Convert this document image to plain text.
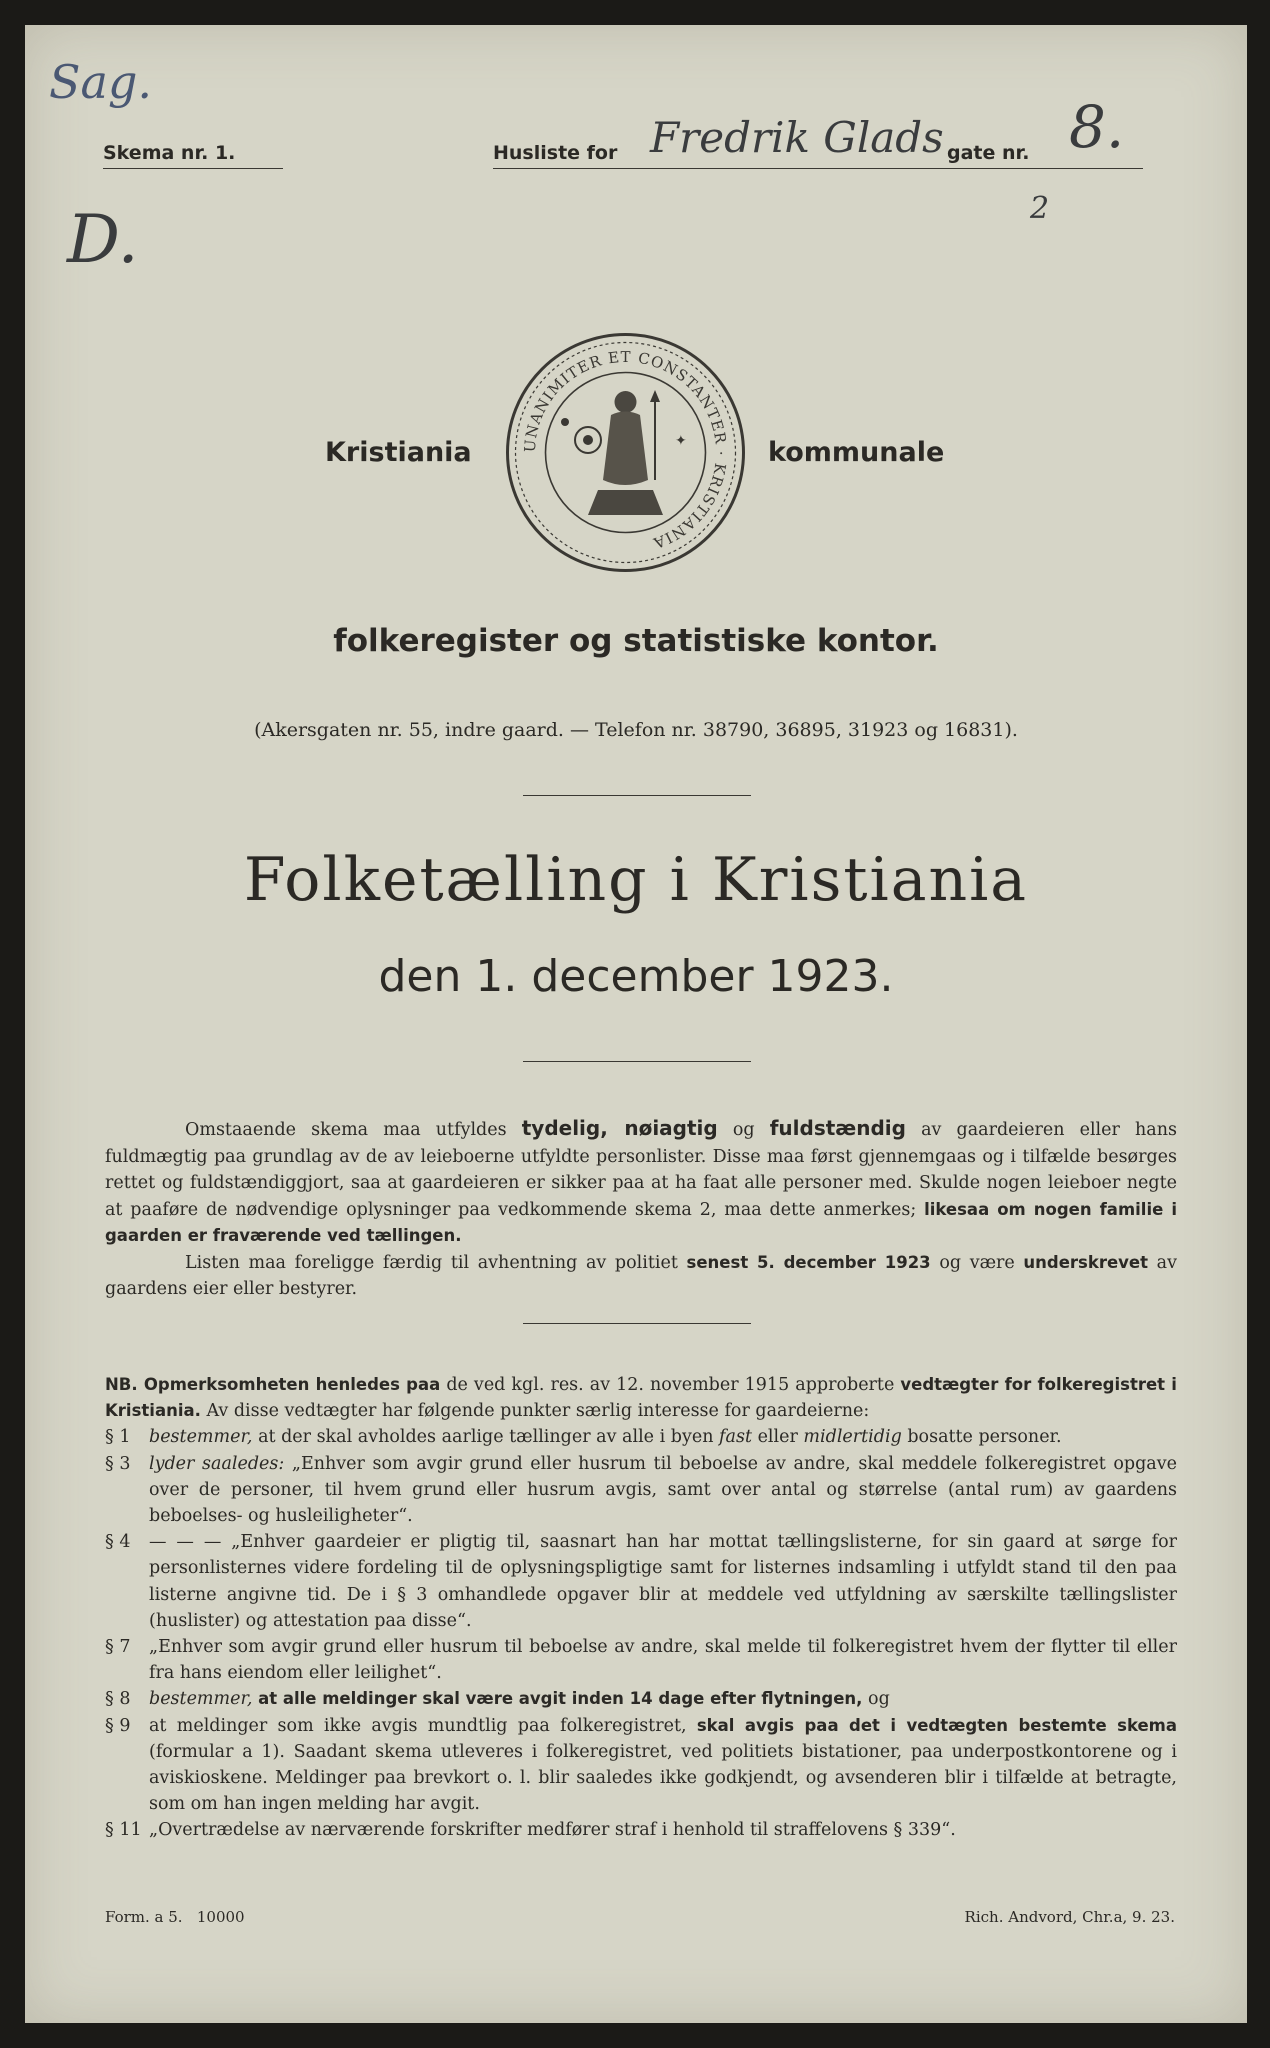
Sag.
D.
Fredrik Glads 8.
2
Skema nr. 1.	Husliste for	gate nr.
Kristiania	kommunale
UNANIMITER ET CONSTANTER · KRISTIANIA
✦
folkeregister og statistiske kontor.
(Akersgaten nr. 55, indre gaard. — Telefon nr. 38790, 36895, 31923 og 16831).
Folketælling i Kristiania
den 1. december 1923.

Omstaaende skema maa utfyldes tydelig, nøiagtig og fuldstændig av gaardeieren eller hans fuldmægtig paa grundlag av de av leieboerne utfyldte personlister. Disse maa først gjennemgaas og i tilfælde besørges rettet og fuldstændiggjort, saa at gaardeieren er sikker paa at ha faat alle personer med. Skulde nogen leieboer negte at paaføre de nødvendige oplysninger paa vedkommende skema 2, maa dette anmerkes; likesaa om nogen familie i gaarden er fraværende ved tællingen.

Listen maa foreligge færdig til avhentning av politiet senest 5. december 1923 og være underskrevet av gaardens eier eller bestyrer.

NB. Opmerksomheten henledes paa de ved kgl. res. av 12. november 1915 approberte vedtægter for folkeregistret i Kristiania. Av disse vedtægter har følgende punkter særlig interesse for gaardeierne:
§ 1	bestemmer, at der skal avholdes aarlige tællinger av alle i byen fast eller midlertidig bosatte personer.
§ 3	lyder saaledes: „Enhver som avgir grund eller husrum til beboelse av andre, skal meddele folkeregistret opgave over de personer, til hvem grund eller husrum avgis, samt over antal og størrelse (antal rum) av gaardens beboelses- og husleiligheter“.
§ 4	— — — „Enhver gaardeier er pligtig til, saasnart han har mottat tællingslisterne, for sin gaard at sørge for personlisternes videre fordeling til de oplysningspligtige samt for listernes indsamling i utfyldt stand til den paa listerne angivne tid. De i § 3 omhandlede opgaver blir at meddele ved utfyldning av særskilte tællingslister (huslister) og attestation paa disse“.
§ 7	„Enhver som avgir grund eller husrum til beboelse av andre, skal melde til folkeregistret hvem der flytter til eller fra hans eiendom eller leilighet“.
§ 8	bestemmer, at alle meldinger skal være avgit inden 14 dage efter flytningen, og
§ 9	at meldinger som ikke avgis mundtlig paa folkeregistret, skal avgis paa det i vedtægten bestemte skema (formular a 1). Saadant skema utleveres i folkeregistret, ved politiets bistationer, paa underpostkontorene og i aviskioskene. Meldinger paa brevkort o. l. blir saaledes ikke godkjendt, og avsenderen blir i tilfælde at betragte, som om han ingen melding har avgit.
§ 11 „Overtrædelse av nærværende forskrifter medfører straf i henhold til straffelovens § 339“.
Form. a 5.   10000	Rich. Andvord, Chr.a, 9. 23.
